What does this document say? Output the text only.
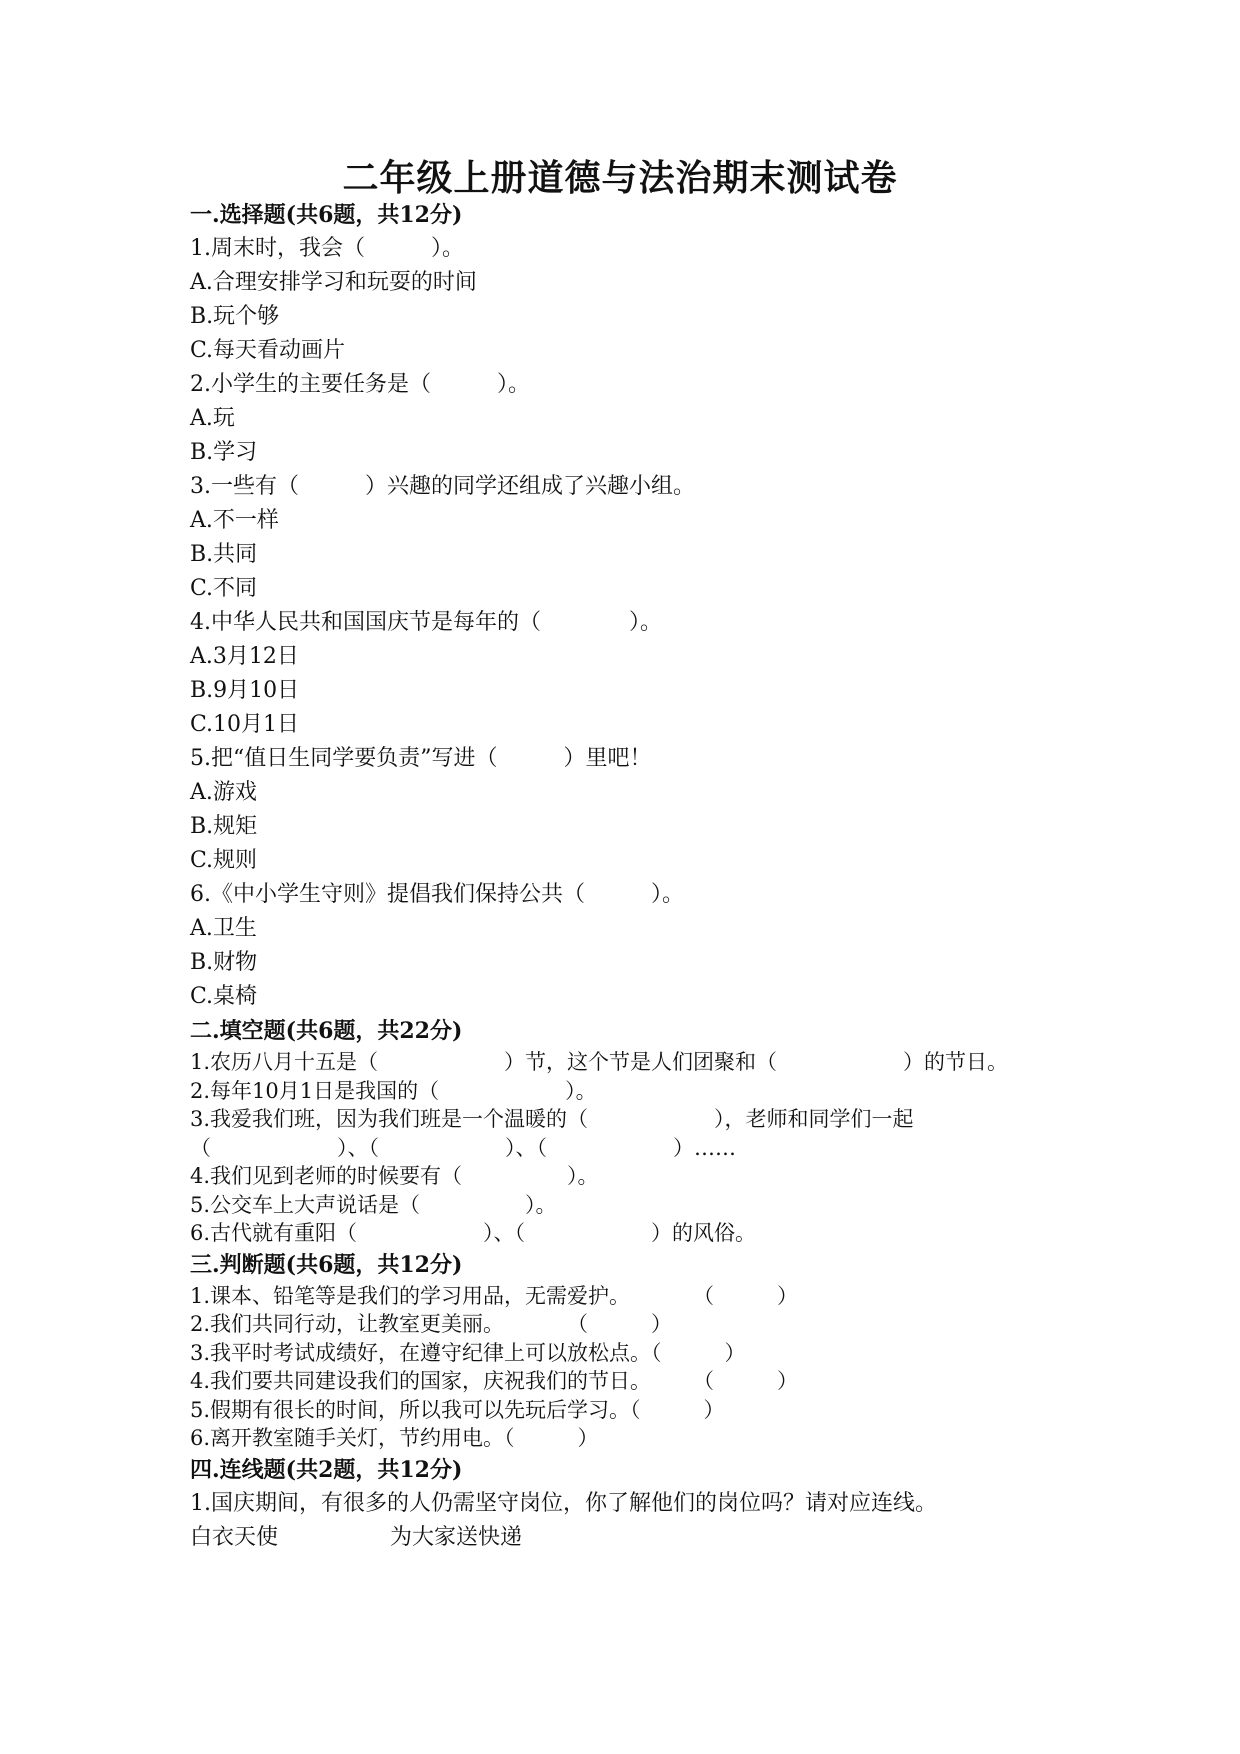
二年级上册道德与法治期末测试卷
一.选择题(共6题，共12分)
1.周末时，我会（　　　）。
A.合理安排学习和玩耍的时间
B.玩个够
C.每天看动画片
2.小学生的主要任务是（　　　）。
A.玩
B.学习
3.一些有（　　　）兴趣的同学还组成了兴趣小组。
A.不一样
B.共同
C.不同
4.中华人民共和国国庆节是每年的（　　　　）。
A.3月12日
B.9月10日
C.10月1日
5.把“值日生同学要负责”写进（　　　）里吧！
A.游戏
B.规矩
C.规则
6.《中小学生守则》提倡我们保持公共（　　　）。
A.卫生
B.财物
C.桌椅
二.填空题(共6题，共22分)
1.农历八月十五是（　　　　　　）节，这个节是人们团聚和（　　　　　　）的节日。
2.每年10月1日是我国的（　　　　　　）。
3.我爱我们班，因为我们班是一个温暖的（　　　　　　），老师和同学们一起（　　　　　　）、（　　　　　　）、（　　　　　　）……
4.我们见到老师的时候要有（　　　　　）。
5.公交车上大声说话是（　　　　　）。
6.古代就有重阳（　　　　　　）、（　　　　　　）的风俗。
三.判断题(共6题，共12分)
1.课本、铅笔等是我们的学习用品，无需爱护。　　　　（　　　）
2.我们共同行动，让教室更美丽。　　　　（　　　）
3.我平时考试成绩好，在遵守纪律上可以放松点。（　　　）
4.我们要共同建设我们的国家，庆祝我们的节日。　　　（　　　）
5.假期有很长的时间，所以我可以先玩后学习。（　　　）
6.离开教室随手关灯，节约用电。（　　　）
四.连线题(共2题，共12分)
1.国庆期间，有很多的人仍需坚守岗位，你了解他们的岗位吗？请对应连线。
白衣天使	为大家送快递
